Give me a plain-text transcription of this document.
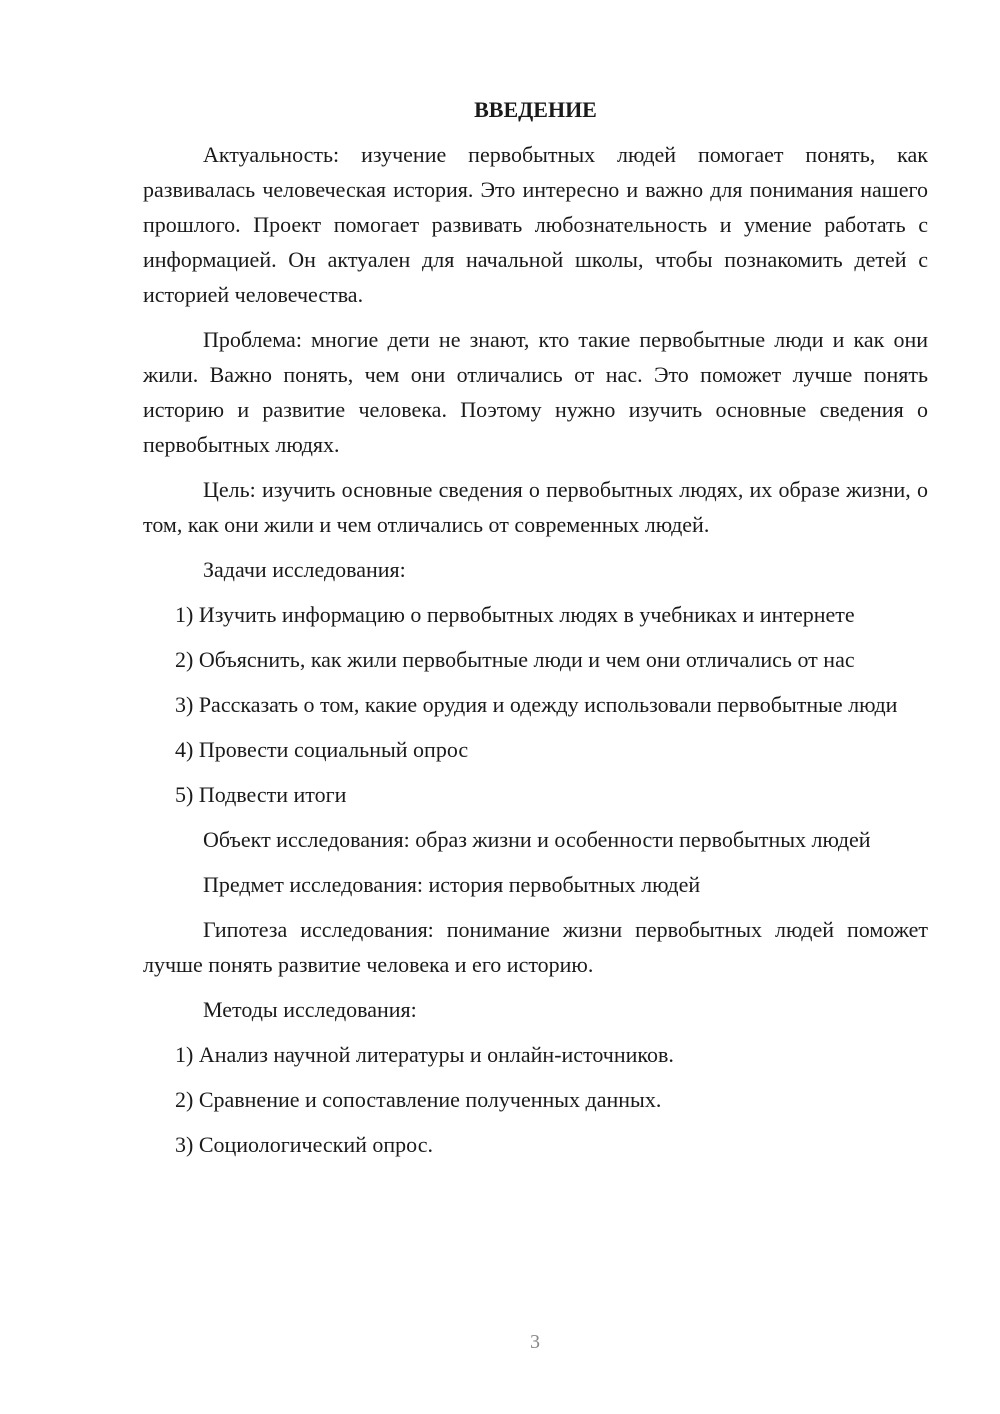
ВВЕДЕНИЕ

Актуальность: изучение первобытных людей помогает понять, как развивалась человеческая история. Это интересно и важно для понимания нашего прошлого. Проект помогает развивать любознательность и умение работать с информацией. Он актуален для начальной школы, чтобы познакомить детей с историей человечества.

Проблема: многие дети не знают, кто такие первобытные люди и как они жили. Важно понять, чем они отличались от нас. Это поможет лучше понять историю и развитие человека. Поэтому нужно изучить основные сведения о первобытных людях.

Цель: изучить основные сведения о первобытных людях, их образе жизни, о том, как они жили и чем отличались от современных людей.

Задачи исследования:

1) Изучить информацию о первобытных людях в учебниках и интернете

2) Объяснить, как жили первобытные люди и чем они отличались от нас

3) Рассказать о том, какие орудия и одежду использовали первобытные люди

4) Провести социальный опрос

5) Подвести итоги

Объект исследования: образ жизни и особенности первобытных людей

Предмет исследования: история первобытных людей

Гипотеза исследования: понимание жизни первобытных людей поможет лучше понять развитие человека и его историю.

Методы исследования:

1) Анализ научной литературы и онлайн-источников.

2) Сравнение и сопоставление полученных данных.

3) Социологический опрос.

3
